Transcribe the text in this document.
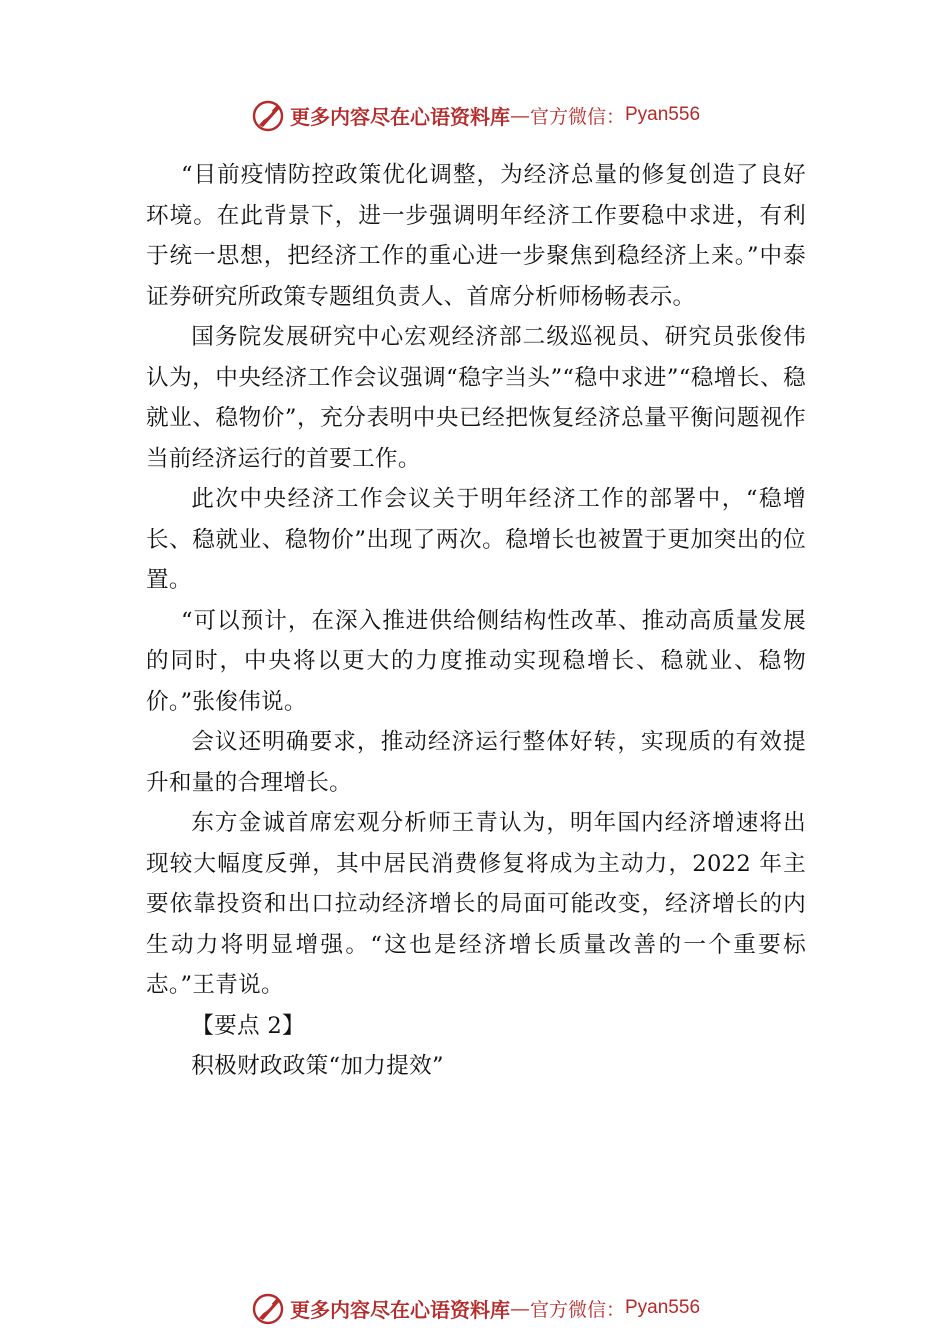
更多内容尽在心语资料库 — 官方微信： Pyan556

“目前疫情防控政策优化调整，为经济总量的修复创造了良好环境。在此背景下，进一步强调明年经济工作要稳中求进，有利于统一思想，把经济工作的重心进一步聚焦到稳经济上来。”中泰证券研究所政策专题组负责人、首席分析师杨畅表示。

国务院发展研究中心宏观经济部二级巡视员、研究员张俊伟认为，中央经济工作会议强调“稳字当头”“稳中求进”“稳增长、稳就业、稳物价”，充分表明中央已经把恢复经济总量平衡问题视作当前经济运行的首要工作。

此次中央经济工作会议关于明年经济工作的部署中，“稳增长、稳就业、稳物价”出现了两次。稳增长也被置于更加突出的位置。

“可以预计，在深入推进供给侧结构性改革、推动高质量发展的同时，中央将以更大的力度推动实现稳增长、稳就业、稳物价。”张俊伟说。

会议还明确要求，推动经济运行整体好转，实现质的有效提升和量的合理增长。

东方金诚首席宏观分析师王青认为，明年国内经济增速将出现较大幅度反弹，其中居民消费修复将成为主动力，2022 年主要依靠投资和出口拉动经济增长的局面可能改变，经济增长的内生动力将明显增强。“这也是经济增长质量改善的一个重要标志。”王青说。

【要点 2】

积极财政政策“加力提效”

更多内容尽在心语资料库 — 官方微信： Pyan556
